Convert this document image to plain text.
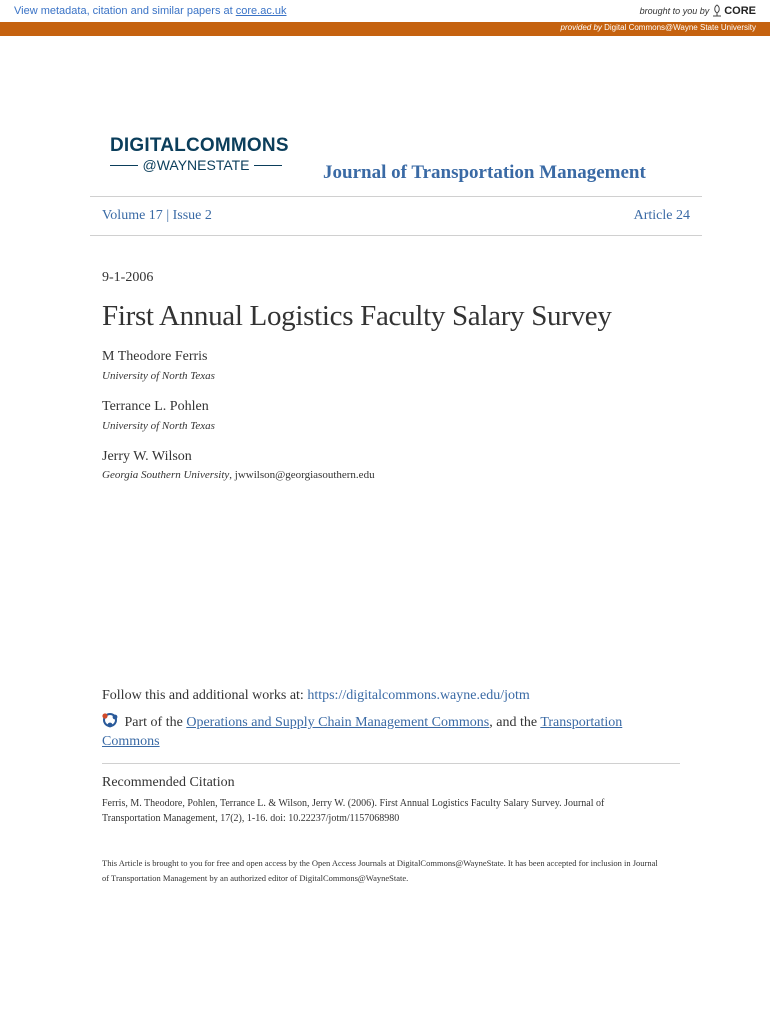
View metadata, citation and similar papers at core.ac.uk	brought to you by CORE
provided by Digital Commons@Wayne State University
DIGITALCOMMONS
@WAYNESTATE	Journal of Transportation Management
Volume 17 | Issue 2	Article 24
9-1-2006
First Annual Logistics Faculty Salary Survey
M Theodore Ferris
University of North Texas
Terrance L. Pohlen
University of North Texas
Jerry W. Wilson
Georgia Southern University, jwwilson@georgiasouthern.edu
Follow this and additional works at: https://digitalcommons.wayne.edu/jotm
Part of the Operations and Supply Chain Management Commons, and the Transportation Commons
Recommended Citation
Ferris, M. Theodore, Pohlen, Terrance L. & Wilson, Jerry W. (2006). First Annual Logistics Faculty Salary Survey. Journal of Transportation Management, 17(2), 1-16. doi: 10.22237/jotm/1157068980
This Article is brought to you for free and open access by the Open Access Journals at DigitalCommons@WayneState. It has been accepted for inclusion in Journal of Transportation Management by an authorized editor of DigitalCommons@WayneState.
